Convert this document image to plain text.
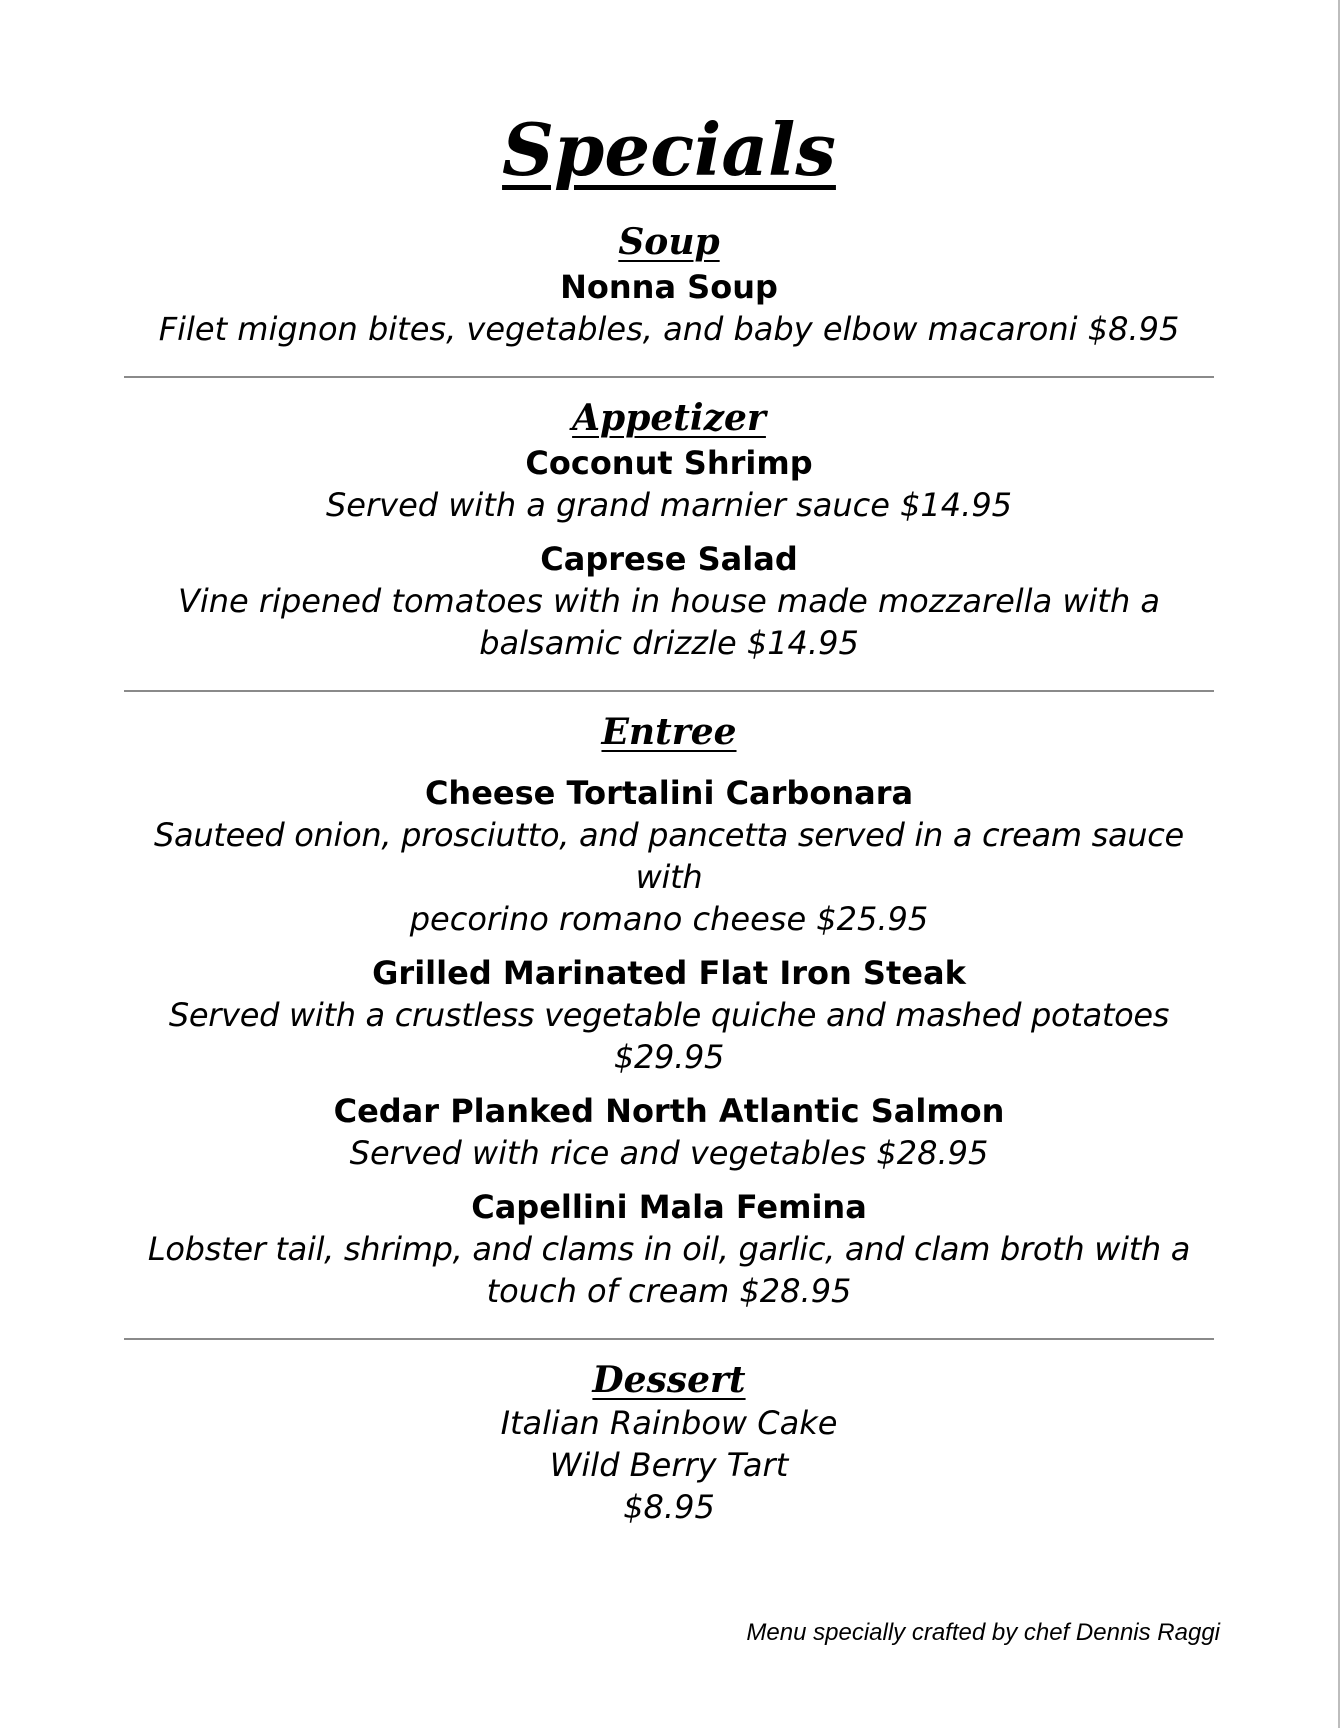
Specials
Soup
Nonna Soup
Filet mignon bites, vegetables, and baby elbow macaroni $8.95
Appetizer
Coconut Shrimp
Served with a grand marnier sauce $14.95
Caprese Salad
Vine ripened tomatoes with in house made mozzarella with a
balsamic drizzle $14.95
Entree
Cheese Tortalini Carbonara
Sauteed onion, prosciutto, and pancetta served in a cream sauce with
pecorino romano cheese $25.95
Grilled Marinated Flat Iron Steak
Served with a crustless vegetable quiche and mashed potatoes $29.95
Cedar Planked North Atlantic Salmon
Served with rice and vegetables $28.95
Capellini Mala Femina
Lobster tail, shrimp, and clams in oil, garlic, and clam broth with a
touch of cream $28.95
Dessert
Italian Rainbow Cake
Wild Berry Tart
$8.95
Menu specially crafted by chef Dennis Raggi
